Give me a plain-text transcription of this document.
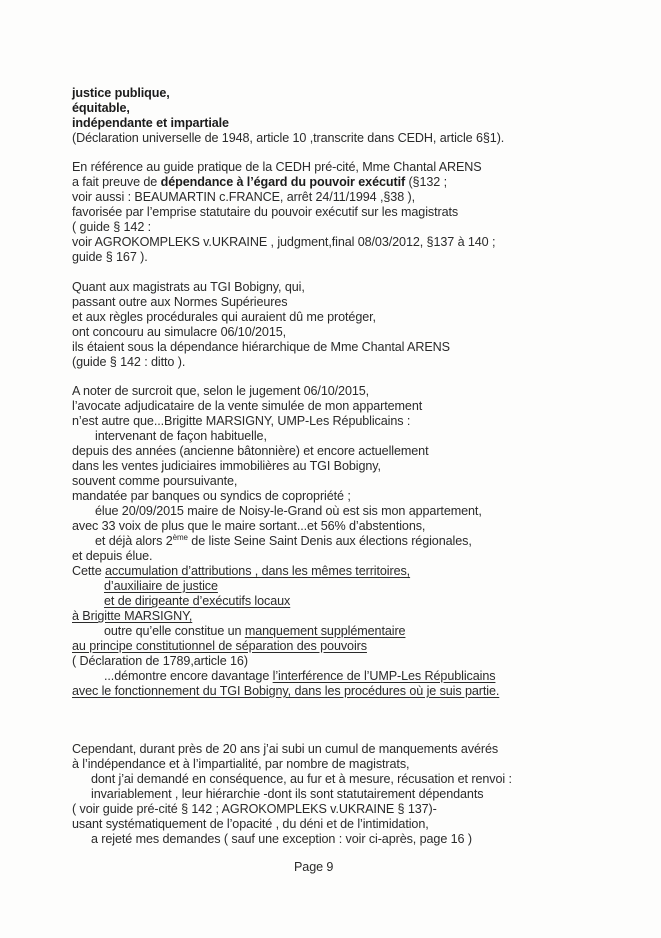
justice publique,
équitable,
indépendante et impartiale
(Déclaration universelle de 1948, article 10 ,transcrite dans CEDH, article 6§1).
En référence au guide pratique de la CEDH pré-cité, Mme Chantal ARENS
a fait preuve de dépendance à l’égard du pouvoir exécutif (§132 ;
voir aussi : BEAUMARTIN c.FRANCE, arrêt 24/11/1994 ,§38 ),
favorisée par l’emprise statutaire du pouvoir exécutif sur les magistrats
( guide § 142 :
voir AGROKOMPLEKS v.UKRAINE , judgment,final 08/03/2012, §137 à 140 ;
guide § 167 ).
Quant aux magistrats au TGI Bobigny, qui,
passant outre aux Normes Supérieures
et aux règles procédurales qui auraient dû me protéger,
ont concouru au simulacre 06/10/2015,
ils étaient sous la dépendance hiérarchique de Mme Chantal ARENS
(guide § 142 : ditto ).
A noter de surcroit que, selon le jugement 06/10/2015,
l’avocate adjudicataire de la vente simulée de mon appartement
n’est autre que...Brigitte MARSIGNY, UMP-Les Républicains :
intervenant de façon habituelle,
depuis des années (ancienne bâtonnière) et encore actuellement
dans les ventes judiciaires immobilières au TGI Bobigny,
souvent comme poursuivante,
mandatée par banques ou syndics de copropriété ;
élue 20/09/2015 maire de Noisy-le-Grand où est sis mon appartement,
avec 33 voix de plus que le maire sortant...et 56% d’abstentions,
et déjà alors 2ème de liste Seine Saint Denis aux élections régionales,
et depuis élue.
Cette accumulation d’attributions , dans les mêmes territoires,
d’auxiliaire de justice
et de dirigeante d’exécutifs locaux
à Brigitte MARSIGNY,
outre qu’elle constitue un manquement supplémentaire
au principe constitutionnel de séparation des pouvoirs
( Déclaration de 1789,article 16)
...démontre encore davantage l’interférence de l’UMP-Les Républicains
avec le fonctionnement du TGI Bobigny, dans les procédures où je suis partie.
Cependant, durant près de 20 ans j’ai subi un cumul de manquements avérés
à l’indépendance et à l’impartialité, par nombre de magistrats,
dont j’ai demandé en conséquence, au fur et à mesure, récusation et renvoi :
invariablement , leur hiérarchie -dont ils sont statutairement dépendants
( voir guide pré-cité § 142 ; AGROKOMPLEKS v.UKRAINE § 137)-
usant systématiquement de l’opacité , du déni et de l’intimidation,
a rejeté mes demandes ( sauf une exception : voir ci-après, page 16 )
Page 9
